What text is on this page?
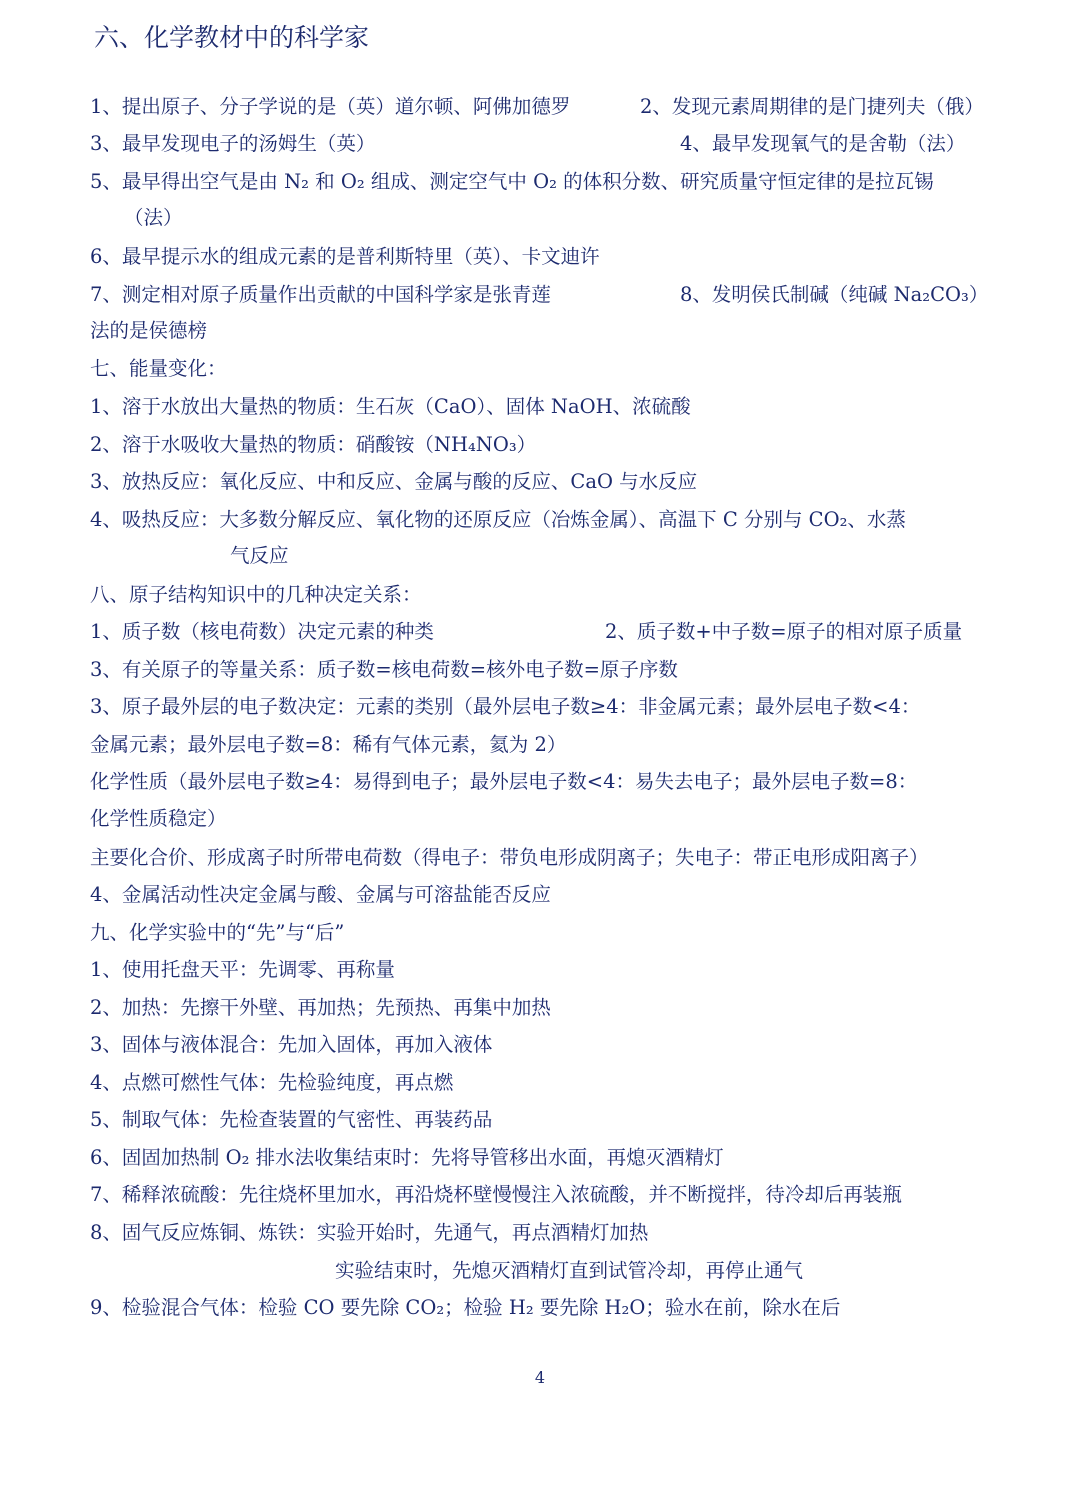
六、化学教材中的科学家
1、提出原子、分子学说的是（英）道尔顿、阿佛加德罗	2、发现元素周期律的是门捷列夫（俄）
3、最早发现电子的汤姆生（英）	4、最早发现氧气的是舍勒（法）
5、最早得出空气是由 N₂ 和 O₂ 组成、测定空气中 O₂ 的体积分数、研究质量守恒定律的是拉瓦锡
（法）
6、最早提示水的组成元素的是普利斯特里（英）、卡文迪许
7、测定相对原子质量作出贡献的中国科学家是张青莲	8、发明侯氏制碱（纯碱 Na₂CO₃）
法的是侯德榜
七、能量变化：
1、溶于水放出大量热的物质：生石灰（CaO）、固体 NaOH、浓硫酸
2、溶于水吸收大量热的物质：硝酸铵（NH₄NO₃）
3、放热反应：氧化反应、中和反应、金属与酸的反应、CaO 与水反应
4、吸热反应：大多数分解反应、氧化物的还原反应（冶炼金属）、高温下 C 分别与 CO₂、水蒸
气反应
八、原子结构知识中的几种决定关系：
1、质子数（核电荷数）决定元素的种类	2、质子数+中子数=原子的相对原子质量
3、有关原子的等量关系：质子数=核电荷数=核外电子数=原子序数
3、原子最外层的电子数决定：元素的类别（最外层电子数≥4：非金属元素；最外层电子数<4：
金属元素；最外层电子数=8：稀有气体元素，氦为 2）
化学性质（最外层电子数≥4：易得到电子；最外层电子数<4：易失去电子；最外层电子数=8：
化学性质稳定）
主要化合价、形成离子时所带电荷数（得电子：带负电形成阴离子；失电子：带正电形成阳离子）
4、金属活动性决定金属与酸、金属与可溶盐能否反应
九、化学实验中的“先”与“后”
1、使用托盘天平：先调零、再称量
2、加热：先擦干外壁、再加热；先预热、再集中加热
3、固体与液体混合：先加入固体，再加入液体
4、点燃可燃性气体：先检验纯度，再点燃
5、制取气体：先检查装置的气密性、再装药品
6、固固加热制 O₂ 排水法收集结束时：先将导管移出水面，再熄灭酒精灯
7、稀释浓硫酸：先往烧杯里加水，再沿烧杯壁慢慢注入浓硫酸，并不断搅拌，待冷却后再装瓶
8、固气反应炼铜、炼铁：实验开始时，先通气，再点酒精灯加热
实验结束时，先熄灭酒精灯直到试管冷却，再停止通气
9、检验混合气体：检验 CO 要先除 CO₂；检验 H₂ 要先除 H₂O；验水在前，除水在后
4
